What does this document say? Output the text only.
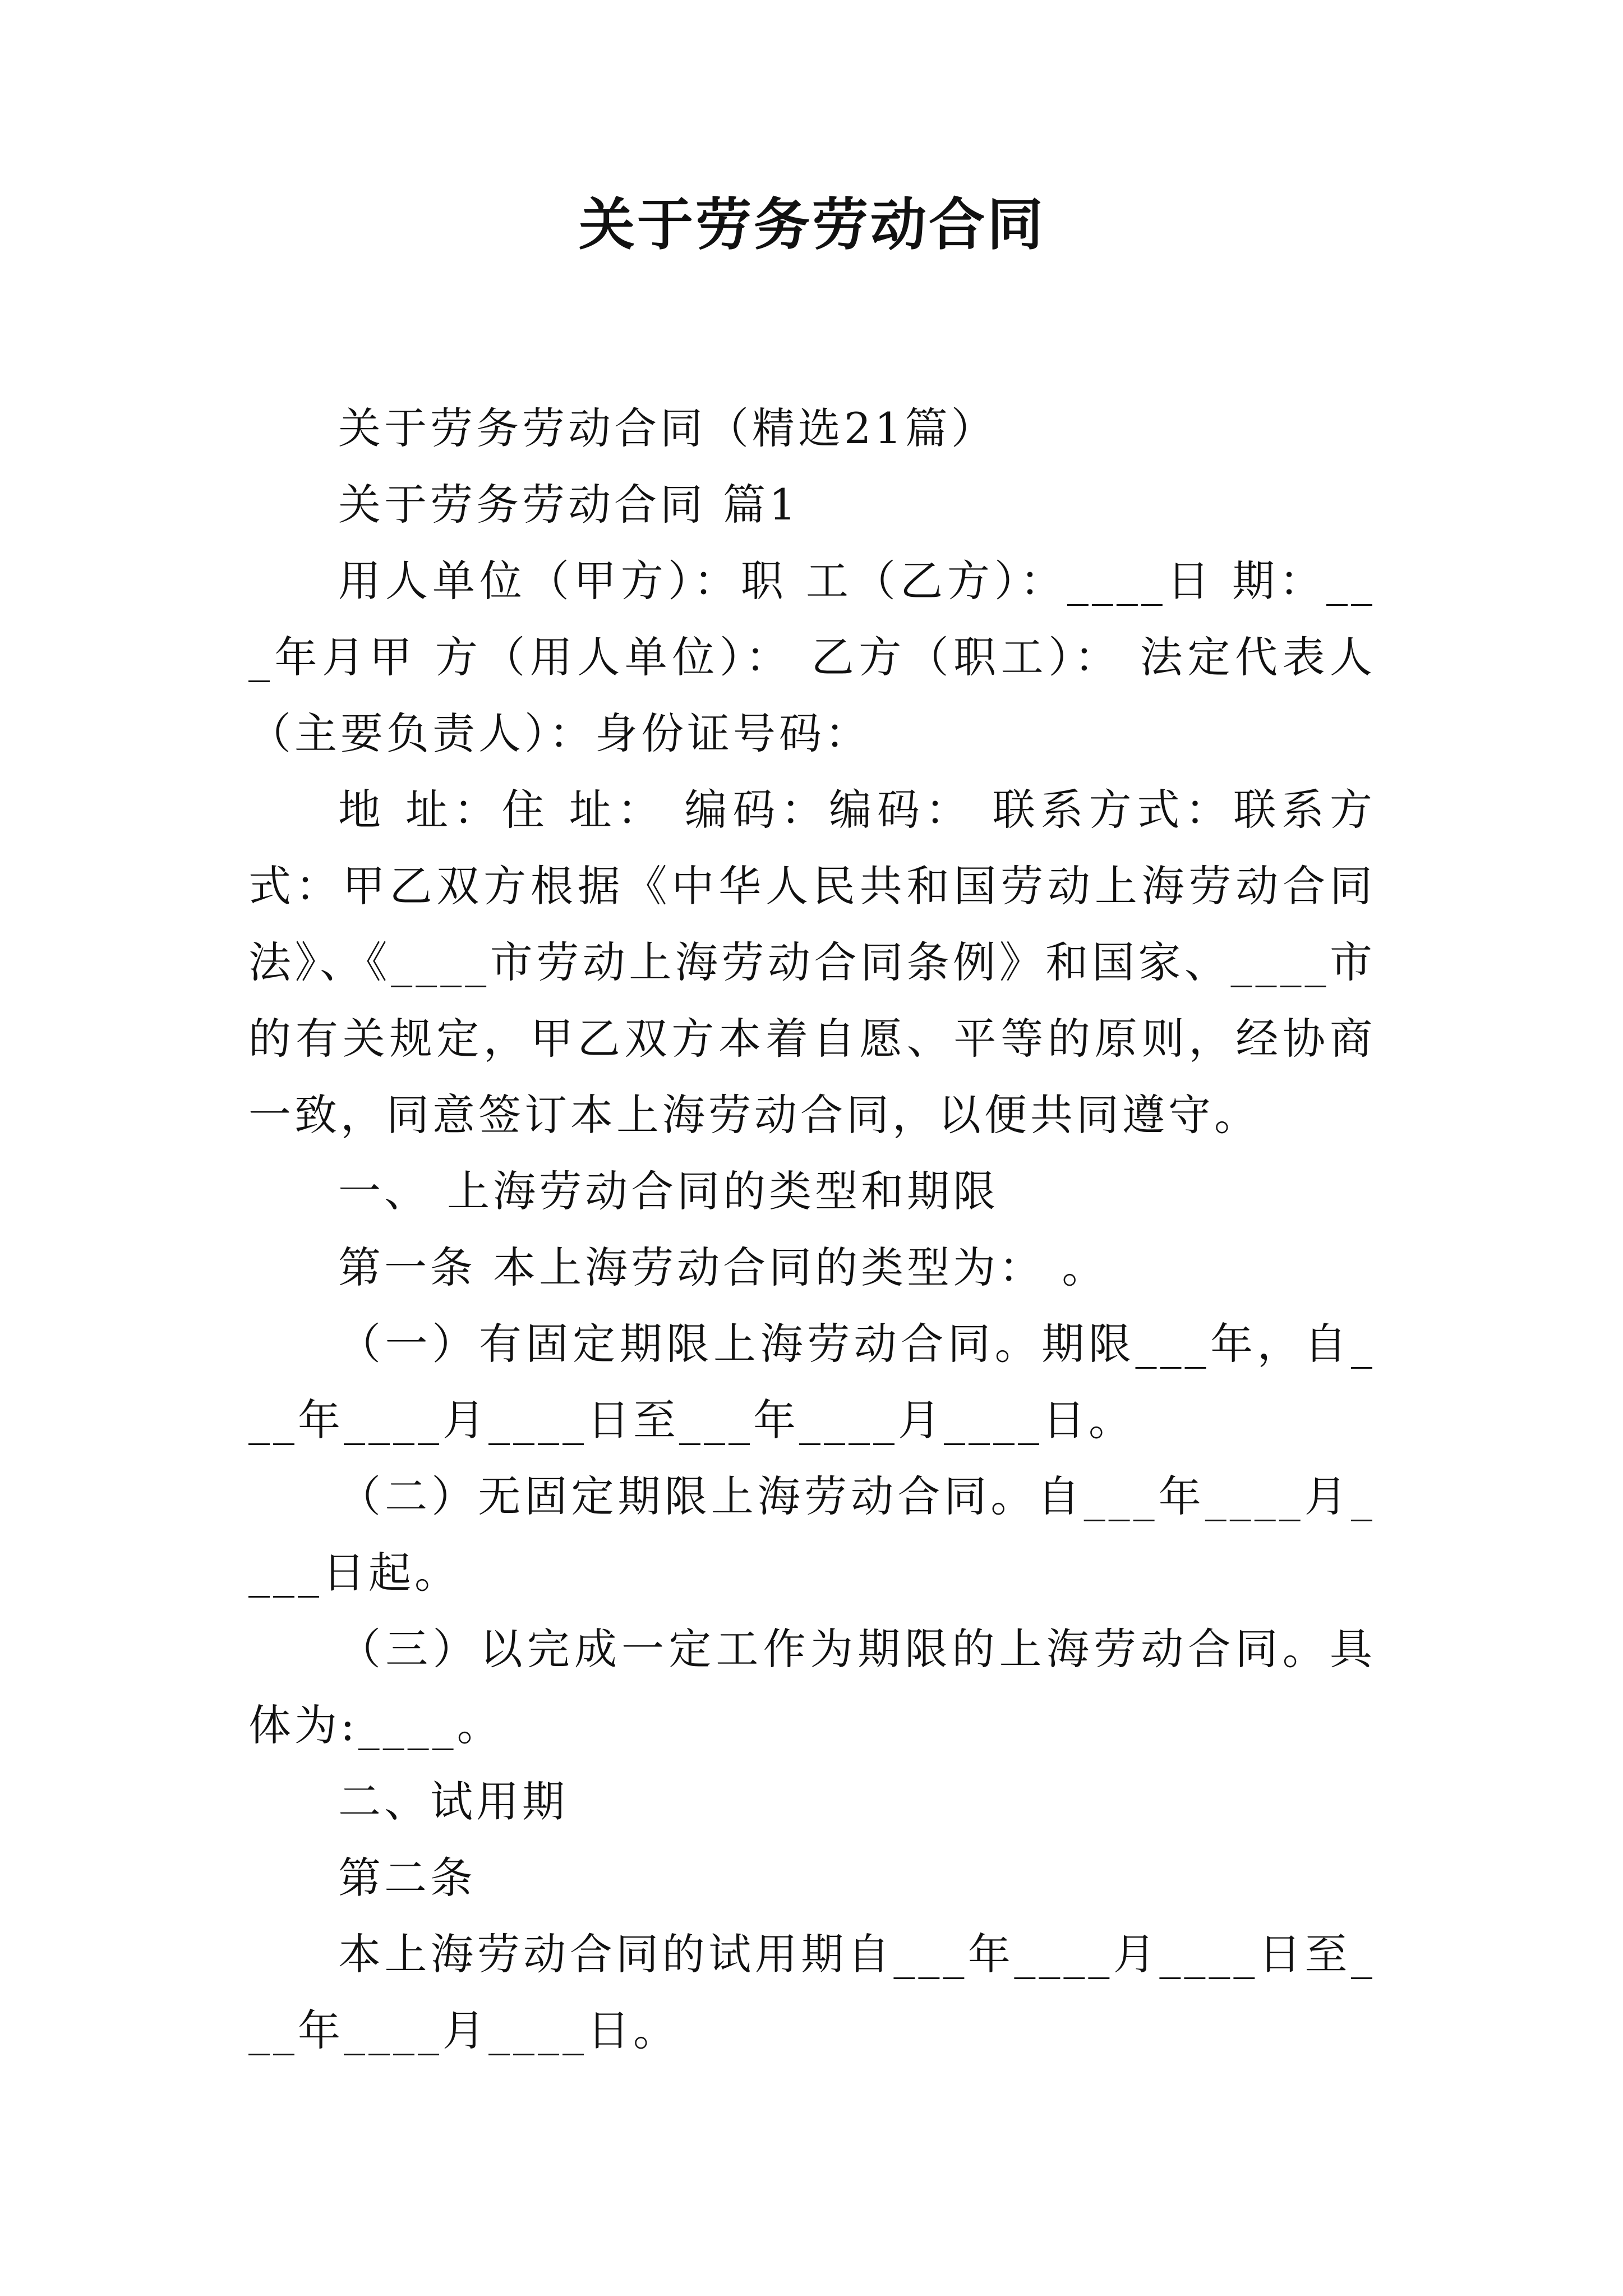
关于劳务劳动合同

关于劳务劳动合同（精选21篇）

关于劳务劳动合同 篇1

用人单位（甲方）：职 工（乙方）：____日 期：___年月甲 方（用人单位）： 乙方（职工）： 法定代表人（主要负责人）：身份证号码：

地 址：住 址： 编码：编码： 联系方式：联系方式：甲乙双方根据《中华人民共和国劳动上海劳动合同法》、《____市劳动上海劳动合同条例》和国家、____市的有关规定，甲乙双方本着自愿、平等的原则，经协商一致，同意签订本上海劳动合同，以便共同遵守。

一、 上海劳动合同的类型和期限

第一条 本上海劳动合同的类型为： 。

（一）有固定期限上海劳动合同。期限___年，自___年____月____日至___年____月____日。

（二）无固定期限上海劳动合同。自___年____月____日起。

（三）以完成一定工作为期限的上海劳动合同。具体为:____。

二、试用期

第二条

本上海劳动合同的试用期自___年____月____日至___年____月____日。
